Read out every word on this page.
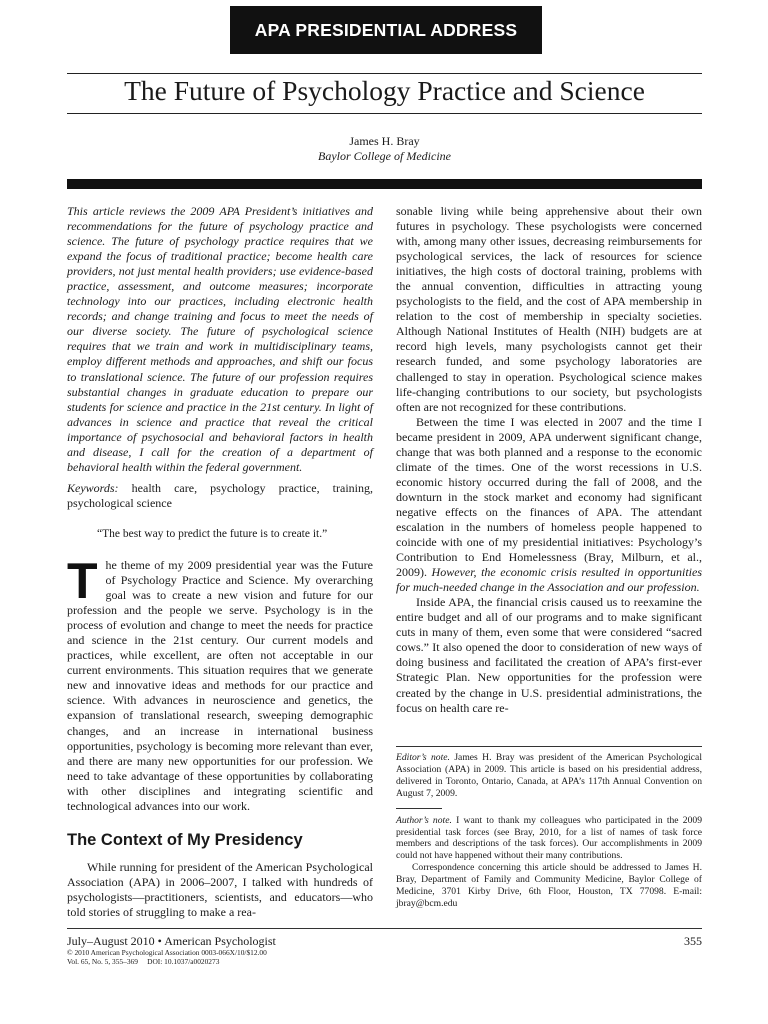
APA PRESIDENTIAL ADDRESS
The Future of Psychology Practice and Science
James H. Bray
Baylor College of Medicine

This article reviews the 2009 APA President’s initiatives and recommendations for the future of psychology practice and science. The future of psychology practice requires that we expand the focus of traditional practice; become health care providers, not just mental health providers; use evidence-based practice, assessment, and outcome measures; incorporate technology into our practices, including electronic health records; and change training and focus to meet the needs of our diverse society. The future of psychological science requires that we train and work in multidisciplinary teams, employ different methods and approaches, and shift our focus to translational science. The future of our profession requires substantial changes in graduate education to prepare our students for science and practice in the 21st century. In light of advances in science and practice that reveal the critical importance of psychosocial and behavioral factors in health and disease, I call for the creation of a department of behavioral health within the federal government.

Keywords: health care, psychology practice, training, psychological science

“The best way to predict the future is to create it.”

The theme of my 2009 presidential year was the Future of Psychology Practice and Science. My overarching goal was to create a new vision and future for our profession and the people we serve. Psychology is in the process of evolution and change to meet the needs for practice and science in the 21st century. Our current models and practices, while excellent, are often not acceptable in our current environments. This situation requires that we generate new and innovative ideas and methods for our practice and science. With advances in neuroscience and genetics, the expansion of translational research, sweeping demographic changes, and an increase in international business opportunities, psychology is becoming more relevant than ever, and there are many new opportunities for our profession. We need to take advantage of these opportunities by collaborating with other disciplines and integrating scientific and technological advances into our work.

The Context of My Presidency

While running for president of the American Psychological Association (APA) in 2006–2007, I talked with hundreds of psychologists—practitioners, scientists, and educators—who told stories of struggling to make a rea-

sonable living while being apprehensive about their own futures in psychology. These psychologists were concerned with, among many other issues, decreasing reimbursements for psychological services, the lack of resources for science initiatives, the high costs of doctoral training, problems with the annual convention, difficulties in attracting young psychologists to the field, and the cost of APA membership in relation to the cost of membership in specialty societies. Although National Institutes of Health (NIH) budgets are at record high levels, many psychologists cannot get their research funded, and some psychology laboratories are challenged to stay in operation. Psychological science makes life-changing contributions to our society, but psychologists often are not recognized for these contributions.

Between the time I was elected in 2007 and the time I became president in 2009, APA underwent significant change, change that was both planned and a response to the economic climate of the times. One of the worst recessions in U.S. economic history occurred during the fall of 2008, and the downturn in the stock market and economy had significant negative effects on the finances of APA. The attendant escalation in the numbers of homeless people happened to coincide with one of my presidential initiatives: Psychology’s Contribution to End Homelessness (Bray, Milburn, et al., 2009). However, the economic crisis resulted in opportunities for much-needed change in the Association and our profession.

Inside APA, the financial crisis caused us to reexamine the entire budget and all of our programs and to make significant cuts in many of them, even some that were considered “sacred cows.” It also opened the door to consideration of new ways of doing business and facilitated the creation of APA’s first-ever Strategic Plan. New opportunities for the profession were created by the change in U.S. presidential administrations, the focus on health care re-

Editor’s note. James H. Bray was president of the American Psychological Association (APA) in 2009. This article is based on his presidential address, delivered in Toronto, Ontario, Canada, at APA’s 117th Annual Convention on August 7, 2009.

Author’s note. I want to thank my colleagues who participated in the 2009 presidential task forces (see Bray, 2010, for a list of names of task force members and descriptions of the task forces). Our accomplishments in 2009 could not have happened without their many contributions.

Correspondence concerning this article should be addressed to James H. Bray, Department of Family and Community Medicine, Baylor College of Medicine, 3701 Kirby Drive, 6th Floor, Houston, TX 77098. E-mail: jbray@bcm.edu

July–August 2010 • American Psychologist
© 2010 American Psychological Association 0003-066X/10/$12.00
Vol. 65, No. 5, 355–369     DOI: 10.1037/a0020273
355
